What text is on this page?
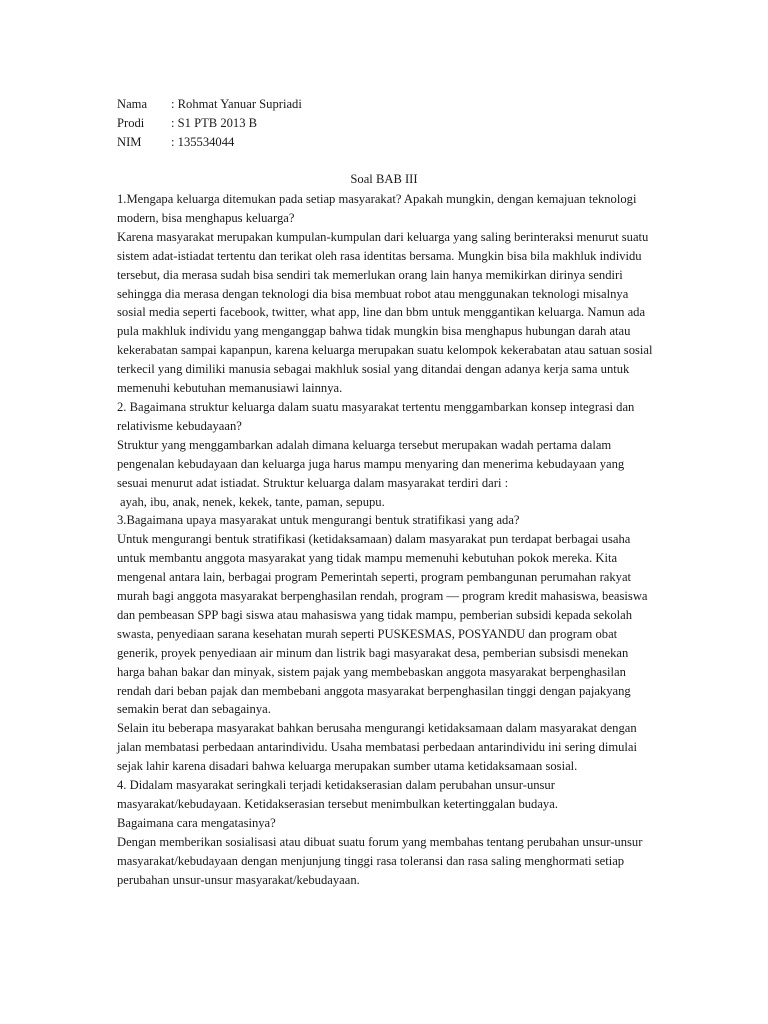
Nama	: Rohmat Yanuar Supriadi
Prodi	: S1 PTB 2013 B
NIM	: 135534044
Soal BAB III

1.Mengapa keluarga ditemukan pada setiap masyarakat? Apakah mungkin, dengan kemajuan teknologi modern, bisa menghapus keluarga?

Karena masyarakat merupakan kumpulan-kumpulan dari keluarga yang saling berinteraksi menurut suatu sistem adat-istiadat tertentu dan terikat oleh rasa identitas bersama. Mungkin bisa bila makhluk individu tersebut, dia merasa sudah bisa sendiri tak memerlukan orang lain hanya memikirkan dirinya sendiri sehingga dia merasa dengan teknologi dia bisa membuat robot atau menggunakan teknologi misalnya sosial media seperti facebook, twitter, what app, line dan bbm untuk menggantikan keluarga. Namun ada pula makhluk individu yang menganggap bahwa tidak mungkin bisa menghapus hubungan darah atau kekerabatan sampai kapanpun, karena keluarga merupakan suatu kelompok kekerabatan atau satuan sosial terkecil yang dimiliki manusia sebagai makhluk sosial yang ditandai dengan adanya kerja sama untuk memenuhi kebutuhan memanusiawi lainnya.

2. Bagaimana struktur keluarga dalam suatu masyarakat tertentu menggambarkan konsep integrasi dan relativisme kebudayaan?

Struktur yang menggambarkan adalah dimana keluarga tersebut merupakan wadah pertama dalam pengenalan kebudayaan dan keluarga juga harus mampu menyaring dan menerima kebudayaan yang sesuai menurut adat istiadat. Struktur keluarga dalam masyarakat terdiri dari :

ayah, ibu, anak, nenek, kekek, tante, paman, sepupu.

3.Bagaimana upaya masyarakat untuk mengurangi bentuk stratifikasi yang ada?

Untuk mengurangi bentuk stratifikasi (ketidaksamaan) dalam masyarakat pun terdapat berbagai usaha untuk membantu anggota masyarakat yang tidak mampu memenuhi kebutuhan pokok mereka. Kita mengenal antara lain, berbagai program Pemerintah seperti, program pembangunan perumahan rakyat murah bagi anggota masyarakat berpenghasilan rendah, program — program kredit mahasiswa, beasiswa dan pembeasan SPP bagi siswa atau mahasiswa yang tidak mampu, pemberian subsidi kepada sekolah swasta, penyediaan sarana kesehatan murah seperti PUSKESMAS, POSYANDU dan program obat generik, proyek penyediaan air minum dan listrik bagi masyarakat desa, pemberian subsisdi menekan harga bahan bakar dan minyak, sistem pajak yang membebaskan anggota masyarakat berpenghasilan rendah dari beban pajak dan membebani anggota masyarakat berpenghasilan tinggi dengan pajakyang semakin berat dan sebagainya.

Selain itu beberapa masyarakat bahkan berusaha mengurangi ketidaksamaan dalam masyarakat dengan jalan membatasi perbedaan antarindividu. Usaha membatasi perbedaan antarindividu ini sering dimulai sejak lahir karena disadari bahwa keluarga merupakan sumber utama ketidaksamaan sosial.

4. Didalam masyarakat seringkali terjadi ketidakserasian dalam perubahan unsur-unsur masyarakat/kebudayaan. Ketidakserasian tersebut menimbulkan ketertinggalan budaya.

Bagaimana cara mengatasinya?

Dengan memberikan sosialisasi atau dibuat suatu forum yang membahas tentang perubahan unsur-unsur masyarakat/kebudayaan dengan menjunjung tinggi rasa toleransi dan rasa saling menghormati setiap perubahan unsur-unsur masyarakat/kebudayaan.
